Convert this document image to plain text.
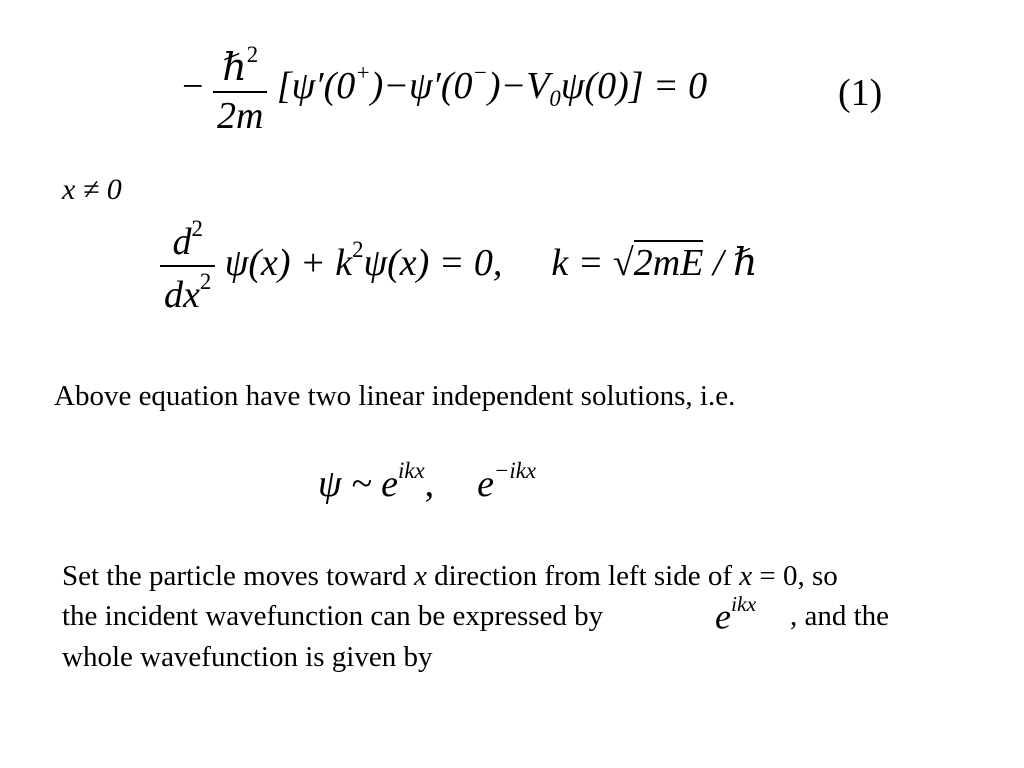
− $\frac{\hbar^2}{2m} [\psi'(0^+)-\psi'(0^-)-V_0\psi(0)] = 0$	(1)
x ≠ 0
$\frac{d^2}{dx^2} \psi(x) + k^2\psi(x) = 0$, k = √2mE / ℏ
Above equation have two linear independent solutions, i.e.
ψ ~ $e^{ikx}$, $e^{-ikx}$
Set the particle moves toward x direction from left side of x = 0, so
the incident wavefunction can be expressed by	$e^{ikx}$ , and the
whole wavefunction is given by
